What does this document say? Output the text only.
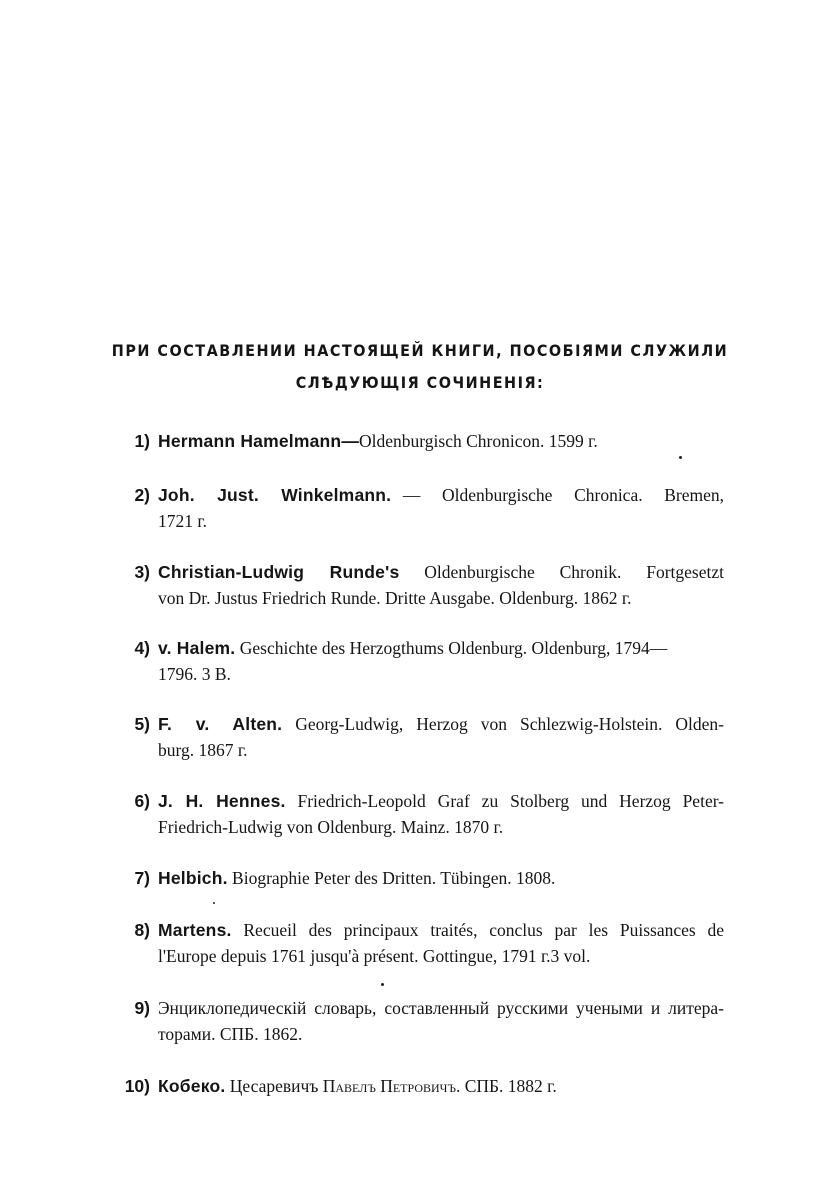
ПРИ СОСТАВЛЕНИИ НАСТОЯЩЕЙ КНИГИ, ПОСОБІЯМИ СЛУЖИЛИ
СЛѢДУЮЩІЯ СОЧИНЕНІЯ:
1) Hermann Hamelmann—Oldenburgisch Chronicon. 1599 г.
2) Joh. Just. Winkelmann. — Oldenburgische Chronica. Bremen,
1721 г.
3) Christian-Ludwig Runde's Oldenburgische Chronik. Fortgesetzt
von Dr. Justus Friedrich Runde. Dritte Ausgabe. Oldenburg. 1862 г.
4) v. Halem. Geschichte des Herzogthums Oldenburg. Oldenburg, 1794—
1796. 3 В.
5) F. v. Alten. Georg-Ludwig, Herzog von Schlezwig-Holstein. Olden-
burg. 1867 г.
6) J. H. Hennes. Friedrich-Leopold Graf zu Stolberg und Herzog Peter-
Friedrich-Ludwig von Oldenburg. Mainz. 1870 г.
7) Helbich. Biographie Peter des Dritten. Tübingen. 1808.
8) Martens. Recueil des principaux traités, conclus par les Puissances de
l'Europe depuis 1761 jusqu'à présent. Gottingue, 1791 г.3 vol.
9) Энциклопедическій словарь, составленный русскими учеными и литера-
торами. СПБ. 1862.
10) Кобеко. Цесаревичъ Павелъ Петровичъ. СПБ. 1882 г.
